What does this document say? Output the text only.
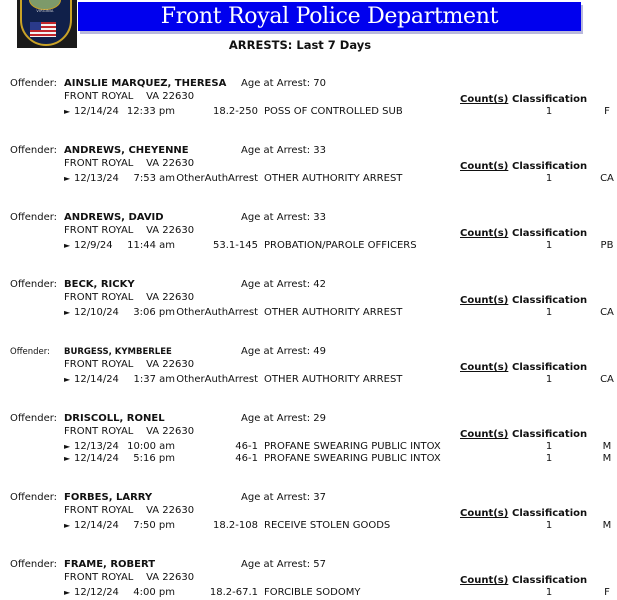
VIRGINIA	Front Royal Police Department
ARRESTS: Last 7 Days
Offender: AINSLIE MARQUEZ, THERESA Age at Arrest: 70
FRONT ROYAL    VA 22630	Count(s) Classification
► 12/14/24 12:33 pm	18.2-250 POSS OF CONTROLLED SUB	1	F
Offender: ANDREWS, CHEYENNE	Age at Arrest: 33
FRONT ROYAL    VA 22630	Count(s) Classification
► 12/13/24	7:53 am OtherAuthArrest OTHER AUTHORITY ARREST	1	CA
Offender: ANDREWS, DAVID	Age at Arrest: 33
FRONT ROYAL    VA 22630	Count(s) Classification
► 12/9/24	11:44 am	53.1-145 PROBATION/PAROLE OFFICERS	1	PB
Offender: BECK, RICKY	Age at Arrest: 42
FRONT ROYAL    VA 22630	Count(s) Classification
► 12/10/24	3:06 pm OtherAuthArrest OTHER AUTHORITY ARREST	1	CA
Offender: BURGESS, KYMBERLEE	Age at Arrest: 49
FRONT ROYAL    VA 22630	Count(s) Classification
► 12/14/24	1:37 am OtherAuthArrest OTHER AUTHORITY ARREST	1	CA
Offender: DRISCOLL, RONEL	Age at Arrest: 29
FRONT ROYAL    VA 22630	Count(s) Classification
► 12/13/24 10:00 am	46-1 PROFANE SWEARING PUBLIC INTOX	1	M
► 12/14/24	5:16 pm	46-1 PROFANE SWEARING PUBLIC INTOX	1	M
Offender: FORBES, LARRY	Age at Arrest: 37
FRONT ROYAL    VA 22630	Count(s) Classification
► 12/14/24	7:50 pm	18.2-108 RECEIVE STOLEN GOODS	1	M
Offender: FRAME, ROBERT	Age at Arrest: 57
FRONT ROYAL    VA 22630	Count(s) Classification
► 12/12/24	4:00 pm	18.2-67.1 FORCIBLE SODOMY	1	F
